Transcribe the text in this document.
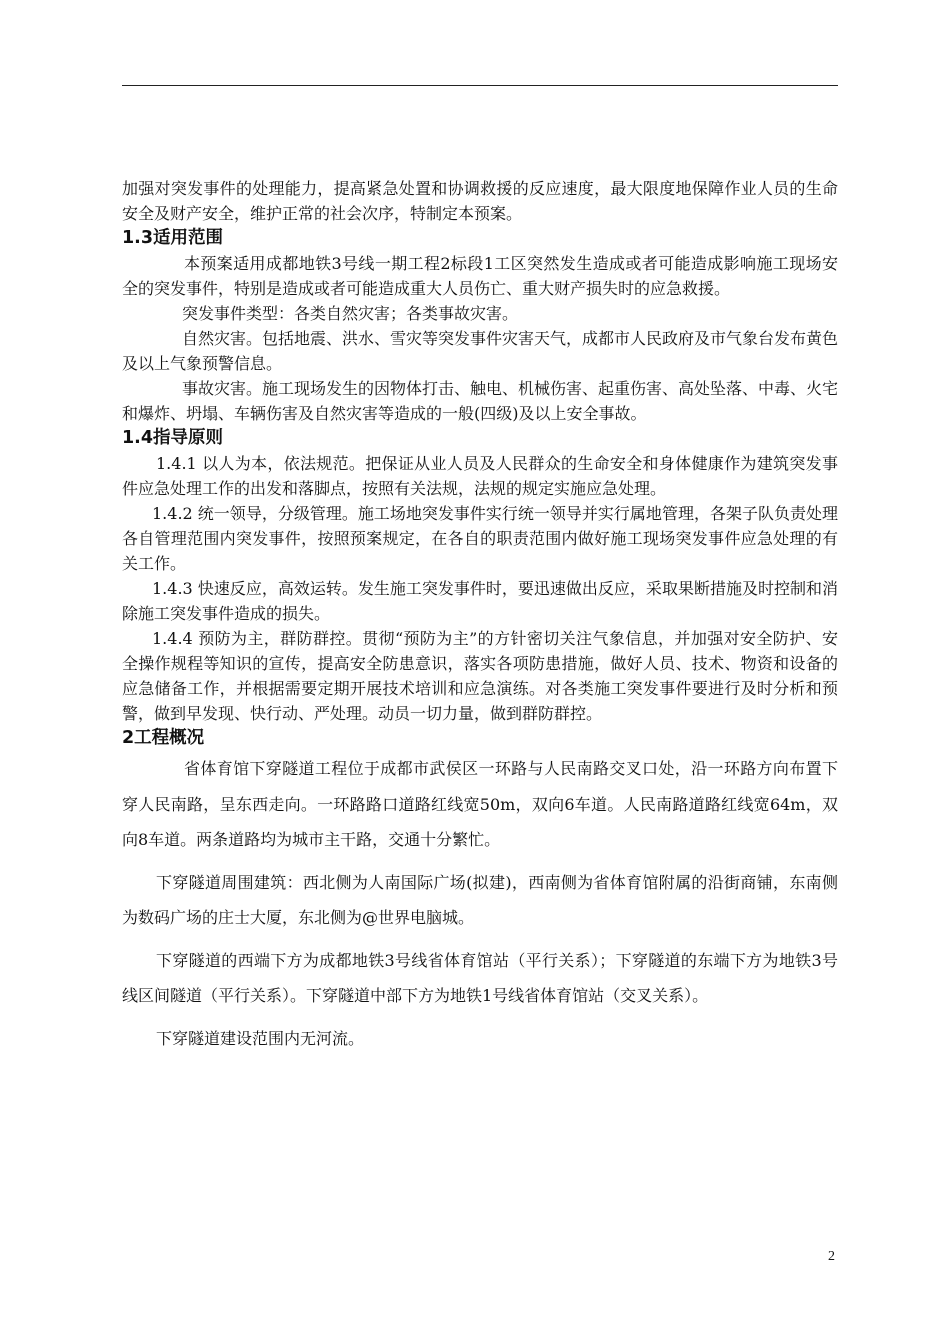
加强对突发事件的处理能力，提高紧急处置和协调救援的反应速度，最大限度地保障作业人员的生命安全及财产安全，维护正常的社会次序，特制定本预案。

1.3适用范围

本预案适用成都地铁3号线一期工程2标段1工区突然发生造成或者可能造成影响施工现场安全的突发事件，特别是造成或者可能造成重大人员伤亡、重大财产损失时的应急救援。

突发事件类型：各类自然灾害；各类事故灾害。

自然灾害。包括地震、洪水、雪灾等突发事件灾害天气，成都市人民政府及市气象台发布黄色及以上气象预警信息。

事故灾害。施工现场发生的因物体打击、触电、机械伤害、起重伤害、高处坠落、中毒、火宅和爆炸、坍塌、车辆伤害及自然灾害等造成的一般(四级)及以上安全事故。

1.4指导原则

1.4.1 以人为本，依法规范。把保证从业人员及人民群众的生命安全和身体健康作为建筑突发事件应急处理工作的出发和落脚点，按照有关法规，法规的规定实施应急处理。

1.4.2 统一领导，分级管理。施工场地突发事件实行统一领导并实行属地管理，各架子队负责处理各自管理范围内突发事件，按照预案规定，在各自的职责范围内做好施工现场突发事件应急处理的有关工作。

1.4.3 快速反应，高效运转。发生施工突发事件时，要迅速做出反应，采取果断措施及时控制和消除施工突发事件造成的损失。

1.4.4 预防为主，群防群控。贯彻“预防为主”的方针密切关注气象信息，并加强对安全防护、安全操作规程等知识的宣传，提高安全防患意识，落实各项防患措施，做好人员、技术、物资和设备的应急储备工作，并根据需要定期开展技术培训和应急演练。对各类施工突发事件要进行及时分析和预警，做到早发现、快行动、严处理。动员一切力量，做到群防群控。

2工程概况

省体育馆下穿隧道工程位于成都市武侯区一环路与人民南路交叉口处，沿一环路方向布置下穿人民南路，呈东西走向。一环路路口道路红线宽50m，双向6车道。人民南路道路红线宽64m，双向8车道。两条道路均为城市主干路，交通十分繁忙。

下穿隧道周围建筑：西北侧为人南国际广场(拟建)，西南侧为省体育馆附属的沿街商铺，东南侧为数码广场的庄士大厦，东北侧为@世界电脑城。

下穿隧道的西端下方为成都地铁3号线省体育馆站（平行关系）；下穿隧道的东端下方为地铁3号线区间隧道（平行关系）。下穿隧道中部下方为地铁1号线省体育馆站（交叉关系）。

下穿隧道建设范围内无河流。

2
